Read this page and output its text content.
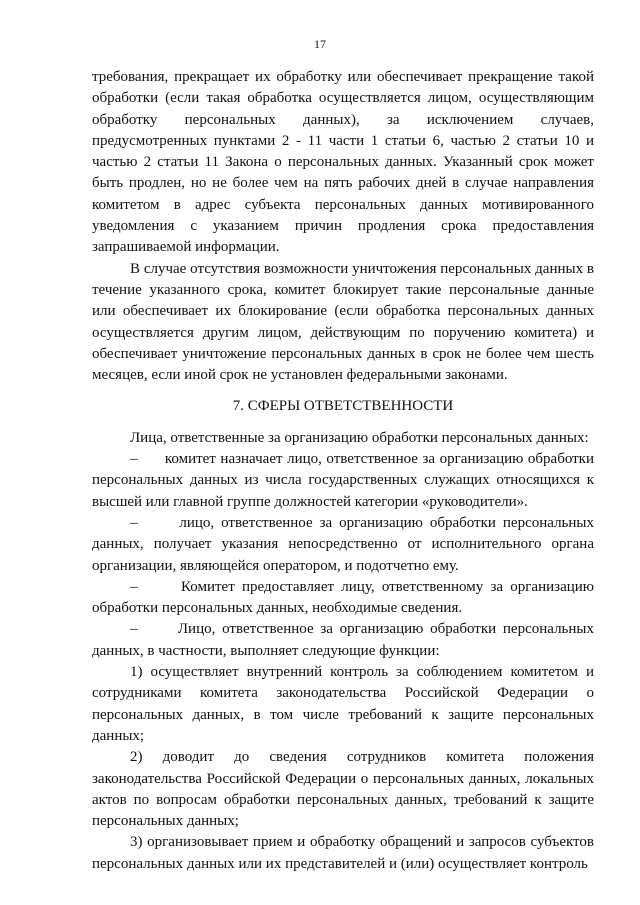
17

требования, прекращает их обработку или обеспечивает прекращение такой обработки (если такая обработка осуществляется лицом, осуществляющим обработку персональных данных), за исключением случаев, предусмотренных пунктами 2 - 11 части 1 статьи 6, частью 2 статьи 10 и частью 2 статьи 11 Закона о персональных данных. Указанный срок может быть продлен, но не более чем на пять рабочих дней в случае направления комитетом в адрес субъекта персональных данных мотивированного уведомления с указанием причин продления срока предоставления запрашиваемой информации.

В случае отсутствия возможности уничтожения персональных данных в течение указанного срока, комитет блокирует такие персональные данные или обеспечивает их блокирование (если обработка персональных данных осуществляется другим лицом, действующим по поручению комитета) и обеспечивает уничтожение персональных данных в срок не более чем шесть месяцев, если иной срок не установлен федеральными законами.

7. СФЕРЫ ОТВЕТСТВЕННОСТИ

Лица, ответственные за организацию обработки персональных данных:

–      комитет назначает лицо, ответственное за организацию обработки персональных данных из числа государственных служащих относящихся к высшей или главной группе должностей категории «руководители».

–      лицо, ответственное за организацию обработки персональных данных, получает указания непосредственно от исполнительного органа организации, являющейся оператором, и подотчетно ему.

–      Комитет предоставляет лицу, ответственному за организацию обработки персональных данных, необходимые сведения.

–      Лицо, ответственное за организацию обработки персональных данных, в частности, выполняет следующие функции:

1) осуществляет внутренний контроль за соблюдением комитетом и сотрудниками комитета законодательства Российской Федерации о персональных данных, в том числе требований к защите персональных данных;

2) доводит до сведения сотрудников комитета положения законодательства Российской Федерации о персональных данных, локальных актов по вопросам обработки персональных данных, требований к защите персональных данных;

3) организовывает прием и обработку обращений и запросов субъектов персональных данных или их представителей и (или) осуществляет контроль
